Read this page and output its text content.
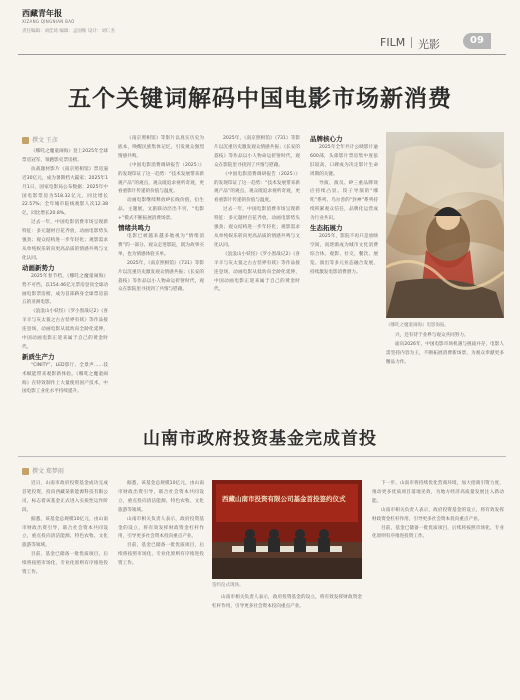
西藏青年报
XIZANG QINGNIAN BAO
责任编辑：刘佳琦 编辑：孟国维 设计：刘仁杰
FILM 光影	09
五个关键词解码中国电影市场新消费
撰文 王彦

《哪吒之魔童闹海》登上2025年全球票房冠军，领跑影史票房榜。

抗战题材影片《南京照相馆》票房逼近30亿元，成为暑期档大赢家；2025年1月1日，国家电影局公布数据：2025年中国电影票房为518.32亿元，同比增长22.57%；全年城市院线观影人次12.38亿，同比增长20.8%。

过去一年，中国电影消费市场呈现新特征：多元题材百花齐放，动画电影势头强劲；观众结构进一步年轻化；观影需求从单纯娱乐转向更高品质的情感共鸣与文化认同。

动画新势力

2025年春节档，《哪吒之魔童闹海》势不可挡，以154.46亿元票房登顶全球动画电影票房榜，成为首部跻身全球票房前五的亚洲电影。

《浪浪山小妖怪》《罗小黑战记2》《喜羊羊与灰太狼之古古怪界有妖》等作品接连登场，动画电影从低幼向全龄化延伸，中国动画电影正迎来属于自己的黄金时代。

新质生产力

“CINITY”、LED影厅、全景声……技术赋能带来观影新体验。《哪吒之魔童闹海》在特效制作上大量使用国产技术，中国电影工业化水平持续提升。

《南京照相馆》等影片以真实历史为底本，唤醒民族集体记忆，引发观众强烈情感共鸣。

《中国电影消费调研报告（2025）》的发现印证了这一趋势：“技术发展带来新观产品”的观点，观众既追求视听奇观，更看重影片传递的价值与温度。

动画电影继续释放IP长线价值，衍生品、主题展、文旅联动层出不穷，“电影+”模式不断拓展消费场景。

情绪共鸣力

电影已被越来越多地视为“情绪消费”的一部分。观众走进影院，既为故事买单，也为情感体验买单。

2025年，《南京照相馆》《731》等影片以沉重历史激发观众情感共振；《长安的荔枝》等作品以小人物命运折射时代，观众在影院里寻找到了共情与慰藉。

2025年，《南京照相馆》《731》等影片以沉重历史激发观众情感共振；《长安的荔枝》等作品以小人物命运折射时代，观众在影院里寻找到了共情与慰藉。

《中国电影消费调研报告（2025）》的发现印证了这一趋势：“技术发展带来新观产品”的观点，观众既追求视听奇观，更看重影片传递的价值与温度。

过去一年，中国电影消费市场呈现新特征：多元题材百花齐放，动画电影势头强劲；观众结构进一步年轻化；观影需求从单纯娱乐转向更高品质的情感共鸣与文化认同。

《浪浪山小妖怪》《罗小黑战记2》《喜羊羊与灰太狼之古古怪界有妖》等作品接连登场，动画电影从低幼向全龄化延伸，中国动画电影正迎来属于自己的黄金时代。

品牌核心力

2025年全年共计公映影片逾600部，头部影片票房集中度依旧较高，口碑成为决定影片生命周期的关键。

导演、演员、IP三重品牌效应持续凸显。饺子导演的“哪吒”系列、乌尔善的“封神”系列持续积累观众信任，品牌化运营成为行业共识。

生态拓展力

2025年，影院不再只是放映空间，而逐渐成为城市文化消费综合体。观影、社交、餐饮、展览、演出等多元业态融合发展，持续激发电影消费潜力。

《哪吒之魔童闹海》电影海报。

兴，还有待于业界与观众共同努力。

面向2026年，中国电影市场机遇与挑战并存，电影人需坚持内容为王，不断拓展消费新场景，为观众奉献更多精品力作。

山南市政府投资基金完成首投
撰文 郑梦雨

近日，山南市政府投资基金成功完成首笔投资，投向西藏某新能源科技有限公司，标志着该基金正式进入实质性运作阶段。

据悉，该基金总规模10亿元，由山南市财政出资引导，联合社会资本共同设立，重点投向清洁能源、特色农牧、文化旅游等领域。

目前，基金已储备一批优质项目，后续将按照市场化、专业化原则有序推进投资工作。

据悉，该基金总规模10亿元，由山南市财政出资引导，联合社会资本共同设立，重点投向清洁能源、特色农牧、文化旅游等领域。

山南市相关负责人表示，政府投资基金的设立，将有效发挥财政资金杠杆作用，引导更多社会资本投向重点产业。

目前，基金已储备一批优质项目，后续将按照市场化、专业化原则有序推进投资工作。

西藏山南市投资有限公司基金首投签约仪式
签约仪式现场。

山南市相关负责人表示，政府投资基金的设立，将有效发挥财政资金杠杆作用，引导更多社会资本投向重点产业。

下一步，山南市将持续优化营商环境，加大招商引资力度，推动更多优质项目落地见效，为地方经济高质量发展注入新动能。

山南市相关负责人表示，政府投资基金的设立，将有效发挥财政资金杠杆作用，引导更多社会资本投向重点产业。

目前，基金已储备一批优质项目，后续将按照市场化、专业化原则有序推进投资工作。
